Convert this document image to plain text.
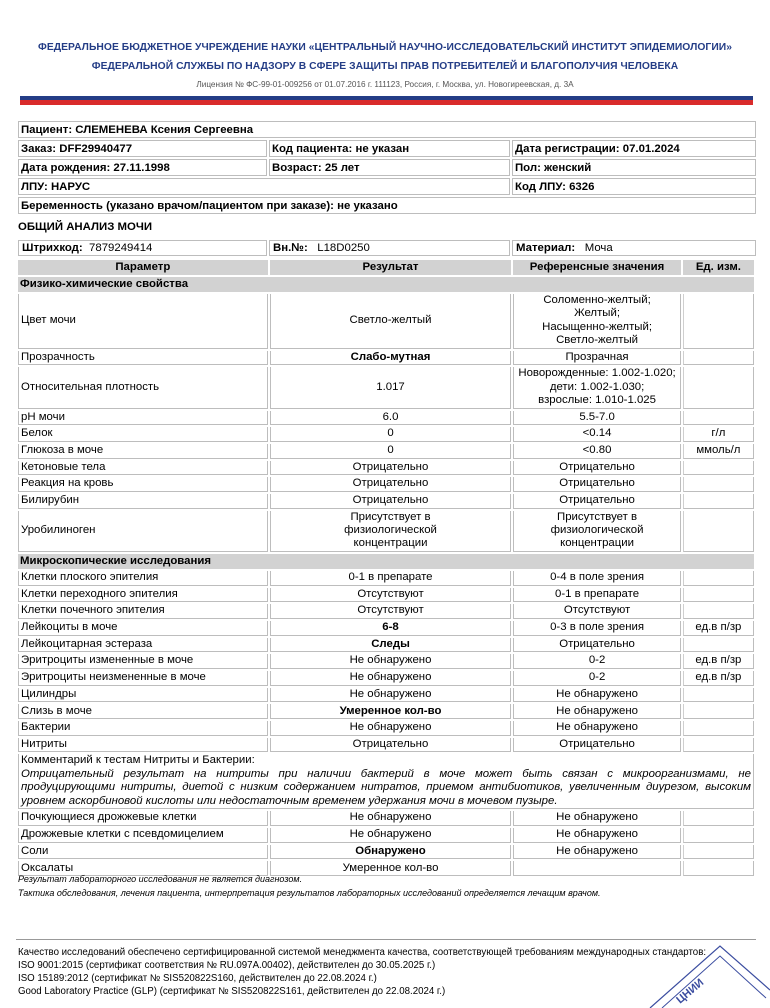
ФЕДЕРАЛЬНОЕ БЮДЖЕТНОЕ УЧРЕЖДЕНИЕ НАУКИ «ЦЕНТРАЛЬНЫЙ НАУЧНО-ИССЛЕДОВАТЕЛЬСКИЙ ИНСТИТУТ ЭПИДЕМИОЛОГИИ»
ФЕДЕРАЛЬНОЙ СЛУЖБЫ ПО НАДЗОРУ В СФЕРЕ ЗАЩИТЫ ПРАВ ПОТРЕБИТЕЛЕЙ И БЛАГОПОЛУЧИЯ ЧЕЛОВЕКА
Лицензия № ФС-99-01-009256 от 01.07.2016 г. 111123, Россия, г. Москва, ул. Новогиреевская, д. 3А
Пациент: СЛЕМЕНЕВА Ксения Сергеевна		
Заказ: DFF29940477	Код пациента: не указан	Дата регистрации: 07.01.2024
Дата рождения: 27.11.1998	Возраст: 25 лет	Пол: женский
ЛПУ: НАРУС		Код ЛПУ: 6326
Беременность (указано врачом/пациентом при заказе): не указано		
ОБЩИЙ АНАЛИЗ МОЧИ
Штрихкод: 7879249414	Вн.№: L18D0250	Материал: Моча
Параметр	Результат	Референсные значения	Ед. изм.
Физико-химические свойства			
Цвет мочи	Светло-желтый	Соломенно-желтый;
Желтый;
Насыщенно-желтый;
Светло-желтый	

Прозрачность	Слабо-мутная	Прозрачная	

Относительная плотность	1.017	Новорожденные: 1.002-1.020;
дети: 1.002-1.030;
взрослые: 1.010-1.025	

pH мочи	6.0	5.5-7.0	

Белок	0	<0.14	г/л
Глюкоза в моче	0	<0.80	ммоль/л
Кетоновые тела	Отрицательно	Отрицательно	

Реакция на кровь	Отрицательно	Отрицательно	

Билирубин	Отрицательно	Отрицательно	

Уробилиноген	Присутствует в физиологической концентрации	Присутствует в
физиологической
концентрации	

Микроскопические исследования			
Клетки плоского эпителия	0-1 в препарате	0-4 в поле зрения	

Клетки переходного эпителия	Отсутствуют	0-1 в препарате	

Клетки почечного эпителия	Отсутствуют	Отсутствуют	

Лейкоциты в моче	6-8	0-3 в поле зрения	ед.в п/зр
Лейкоцитарная эстераза	Следы	Отрицательно	

Эритроциты измененные в моче	Не обнаружено	0-2	ед.в п/зр
Эритроциты неизмененные в моче	Не обнаружено	0-2	ед.в п/зр
Цилиндры	Не обнаружено	Не обнаружено	

Слизь в моче	Умеренное кол-во	Не обнаружено	

Бактерии	Не обнаружено	Не обнаружено	

Нитриты	Отрицательно	Отрицательно	

Комментарий к тестам Нитриты и Бактерии:
Отрицательный результат на нитриты при наличии бактерий в моче может быть связан с микроорганизмами, не продуцирующими нитриты, диетой с низким содержанием нитратов, приемом антибиотиков, увеличенным диурезом, высоким уровнем аскорбиновой кислоты или недостаточным временем удержания мочи в мочевом пузыре.			

Почкующиеся дрожжевые клетки	Не обнаружено	Не обнаружено	

Дрожжевые клетки с псевдомицелием	Не обнаружено	Не обнаружено	

Соли	Обнаружено	Не обнаружено	

Оксалаты	Умеренное кол-во		
Результат лабораторного исследования не является диагнозом.
Тактика обследования, лечения пациента, интерпретация результатов лабораторных исследований определяется лечащим врачом.
Качество исследований обеспечено сертифицированной системой менеджмента качества, соответствующей требованиям международных стандартов:
ISO 9001:2015 (сертификат соответствия № RU.097А.00402), действителен до 30.05.2025 г.)
ISO 15189:2012 (сертификат № SIS520822S160, действителен до 22.08.2024 г.)
Good Laboratory Practice (GLP) (сертификат № SIS520822S161, действителен до 22.08.2024 г.)	ЦНИИ
